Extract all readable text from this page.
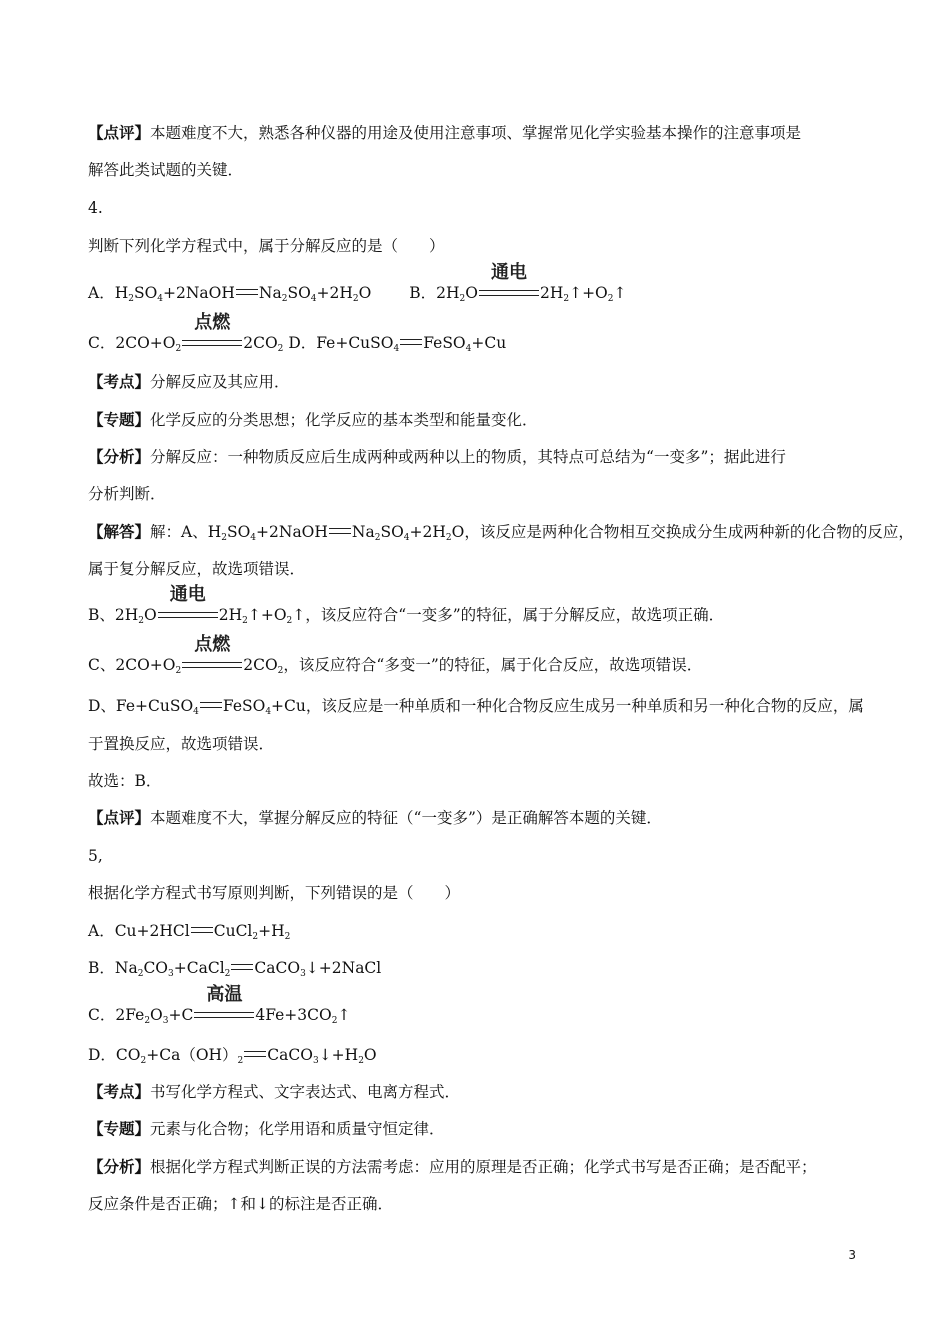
【点评】本题难度不大，熟悉各种仪器的用途及使用注意事项、掌握常见化学实验基本操作的注意事项是
解答此类试题的关键．
4.
判断下列化学方程式中，属于分解反应的是（　　）
A．$H_2SO_4+2NaOH$ $Na_2SO_4+2H_2O$ B．$2H_2O$
通电
$2H_2↑+O_2↑$
C．$2CO+O_2$
点燃
$2CO_2$ D．Fe+CuSO$_4$ FeSO$_4$+Cu
【考点】分解反应及其应用．
【专题】化学反应的分类思想；化学反应的基本类型和能量变化．
【分析】分解反应：一种物质反应后生成两种或两种以上的物质，其特点可总结为“一变多”；据此进行
分析判断．
【解答】解：A、$H_2SO_4+2NaOH$ $Na_2SO_4+2H_2O$，该反应是两种化合物相互交换成分生成两种新的化合物的反应，
属于复分解反应，故选项错误．
B、$2H_2O$
通电
$2H_2↑+O_2↑$，该反应符合“一变多”的特征，属于分解反应，故选项正确．
C、$2CO+O_2$
点燃
$2CO_2$，该反应符合“多变一”的特征，属于化合反应，故选项错误．
D、Fe+CuSO$_4$ FeSO$_4$+Cu，该反应是一种单质和一种化合物反应生成另一种单质和另一种化合物的反应，属
于置换反应，故选项错误．
故选：B．
【点评】本题难度不大，掌握分解反应的特征（“一变多”）是正确解答本题的关键．
5,
根据化学方程式书写原则判断，下列错误的是（　　）
A．Cu+2HCl $CuCl_2+H_2$
B．$Na_2CO_3+CaCl_2$ CaCO$_3$↓+2NaCl
C．$2Fe_2O_3+C$
高温
$4Fe+3CO_2↑$
D．$CO_2+Ca(OH)_2$ $CaCO_3↓+H_2O$
【考点】书写化学方程式、文字表达式、电离方程式．
【专题】元素与化合物；化学用语和质量守恒定律．
【分析】根据化学方程式判断正误的方法需考虑：应用的原理是否正确；化学式书写是否正确；是否配平；
反应条件是否正确；↑和↓的标注是否正确．
3
